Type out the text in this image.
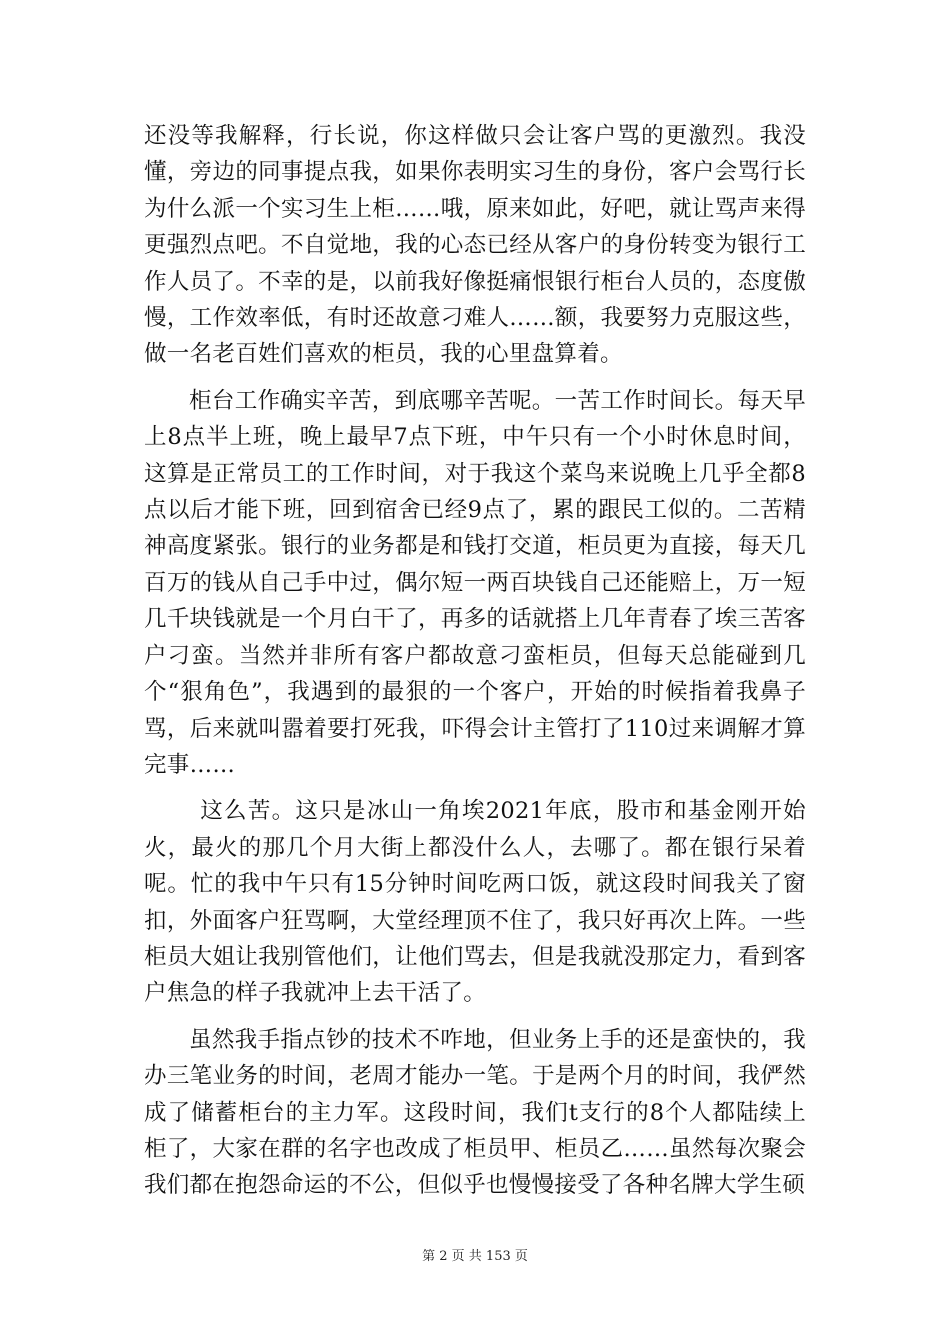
还没等我解释，行长说，你这样做只会让客户骂的更激烈。我没懂，旁边的同事提点我，如果你表明实习生的身份，客户会骂行长为什么派一个实习生上柜……哦，原来如此，好吧，就让骂声来得更强烈点吧。不自觉地，我的心态已经从客户的身份转变为银行工作人员了。不幸的是，以前我好像挺痛恨银行柜台人员的，态度傲慢，工作效率低，有时还故意刁难人……额，我要努力克服这些，做一名老百姓们喜欢的柜员，我的心里盘算着。

柜台工作确实辛苦，到底哪辛苦呢。一苦工作时间长。每天早上8点半上班，晚上最早7点下班，中午只有一个小时休息时间，这算是正常员工的工作时间，对于我这个菜鸟来说晚上几乎全都8点以后才能下班，回到宿舍已经9点了，累的跟民工似的。二苦精神高度紧张。银行的业务都是和钱打交道，柜员更为直接，每天几百万的钱从自己手中过，偶尔短一两百块钱自己还能赔上，万一短几千块钱就是一个月白干了，再多的话就搭上几年青春了埃三苦客户刁蛮。当然并非所有客户都故意刁蛮柜员，但每天总能碰到几个“狠角色”，我遇到的最狠的一个客户，开始的时候指着我鼻子骂，后来就叫嚣着要打死我，吓得会计主管打了110过来调解才算完事……

这么苦。这只是冰山一角埃2021年底，股市和基金刚开始火，最火的那几个月大街上都没什么人，去哪了。都在银行呆着呢。忙的我中午只有15分钟时间吃两口饭，就这段时间我关了窗扣，外面客户狂骂啊，大堂经理顶不住了，我只好再次上阵。一些柜员大姐让我别管他们，让他们骂去，但是我就没那定力，看到客户焦急的样子我就冲上去干活了。

虽然我手指点钞的技术不咋地，但业务上手的还是蛮快的，我办三笔业务的时间，老周才能办一笔。于是两个月的时间，我俨然成了储蓄柜台的主力军。这段时间，我们t支行的8个人都陆续上柜了，大家在群的名字也改成了柜员甲、柜员乙……虽然每次聚会我们都在抱怨命运的不公，但似乎也慢慢接受了各种名牌大学生硕

第 2 页 共 153 页
